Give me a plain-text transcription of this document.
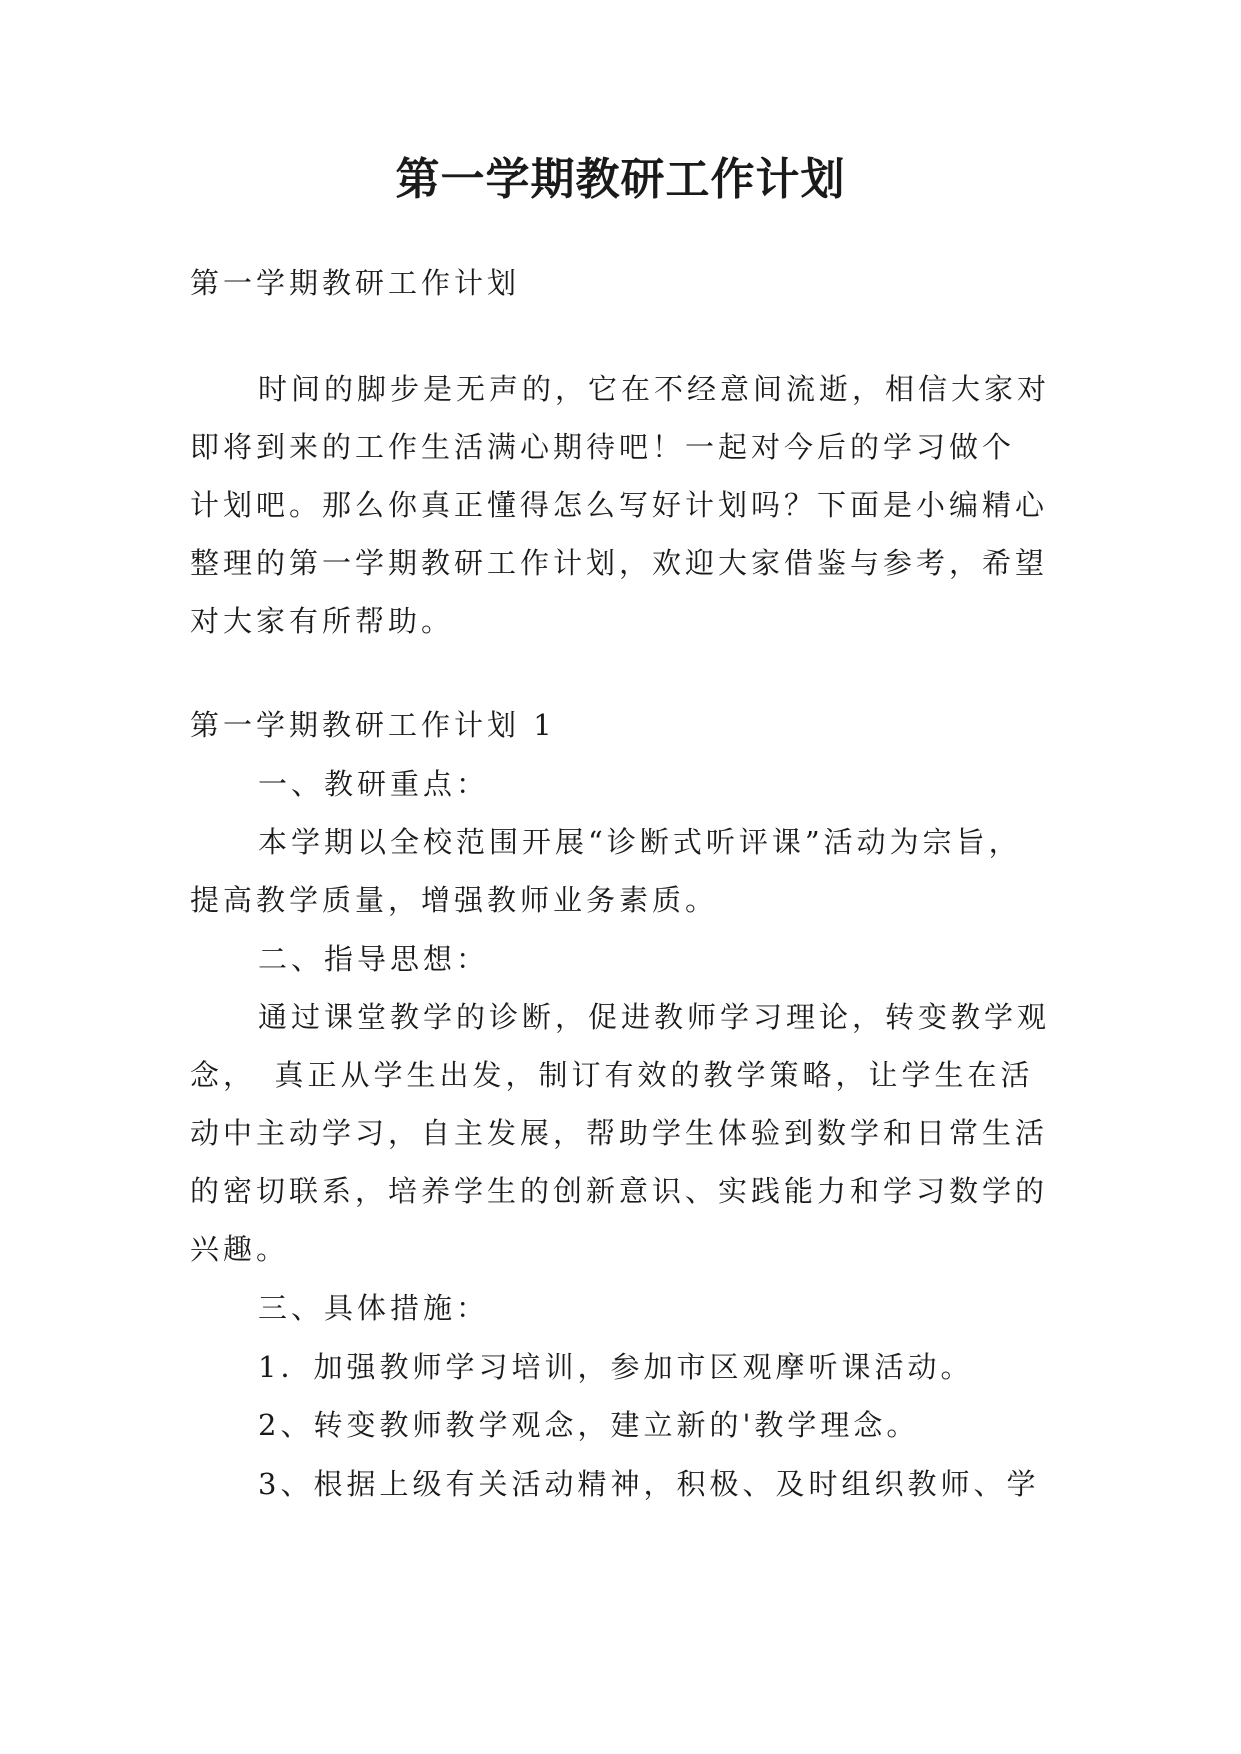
第一学期教研工作计划
第一学期教研工作计划
时间的脚步是无声的，它在不经意间流逝，相信大家对
即将到来的工作生活满心期待吧！一起对今后的学习做个
计划吧。那么你真正懂得怎么写好计划吗？下面是小编精心
整理的第一学期教研工作计划，欢迎大家借鉴与参考，希望
对大家有所帮助。
第一学期教研工作计划 1
一、教研重点：
本学期以全校范围开展“诊断式听评课”活动为宗旨，
提高教学质量，增强教师业务素质。
二、指导思想：
通过课堂教学的诊断，促进教师学习理论，转变教学观
念，　真正从学生出发，制订有效的教学策略，让学生在活
动中主动学习，自主发展，帮助学生体验到数学和日常生活
的密切联系，培养学生的创新意识、实践能力和学习数学的
兴趣。
三、具体措施：
1．加强教师学习培训，参加市区观摩听课活动。
2、转变教师教学观念，建立新的'教学理念。
3、根据上级有关活动精神，积极、及时组织教师、学
